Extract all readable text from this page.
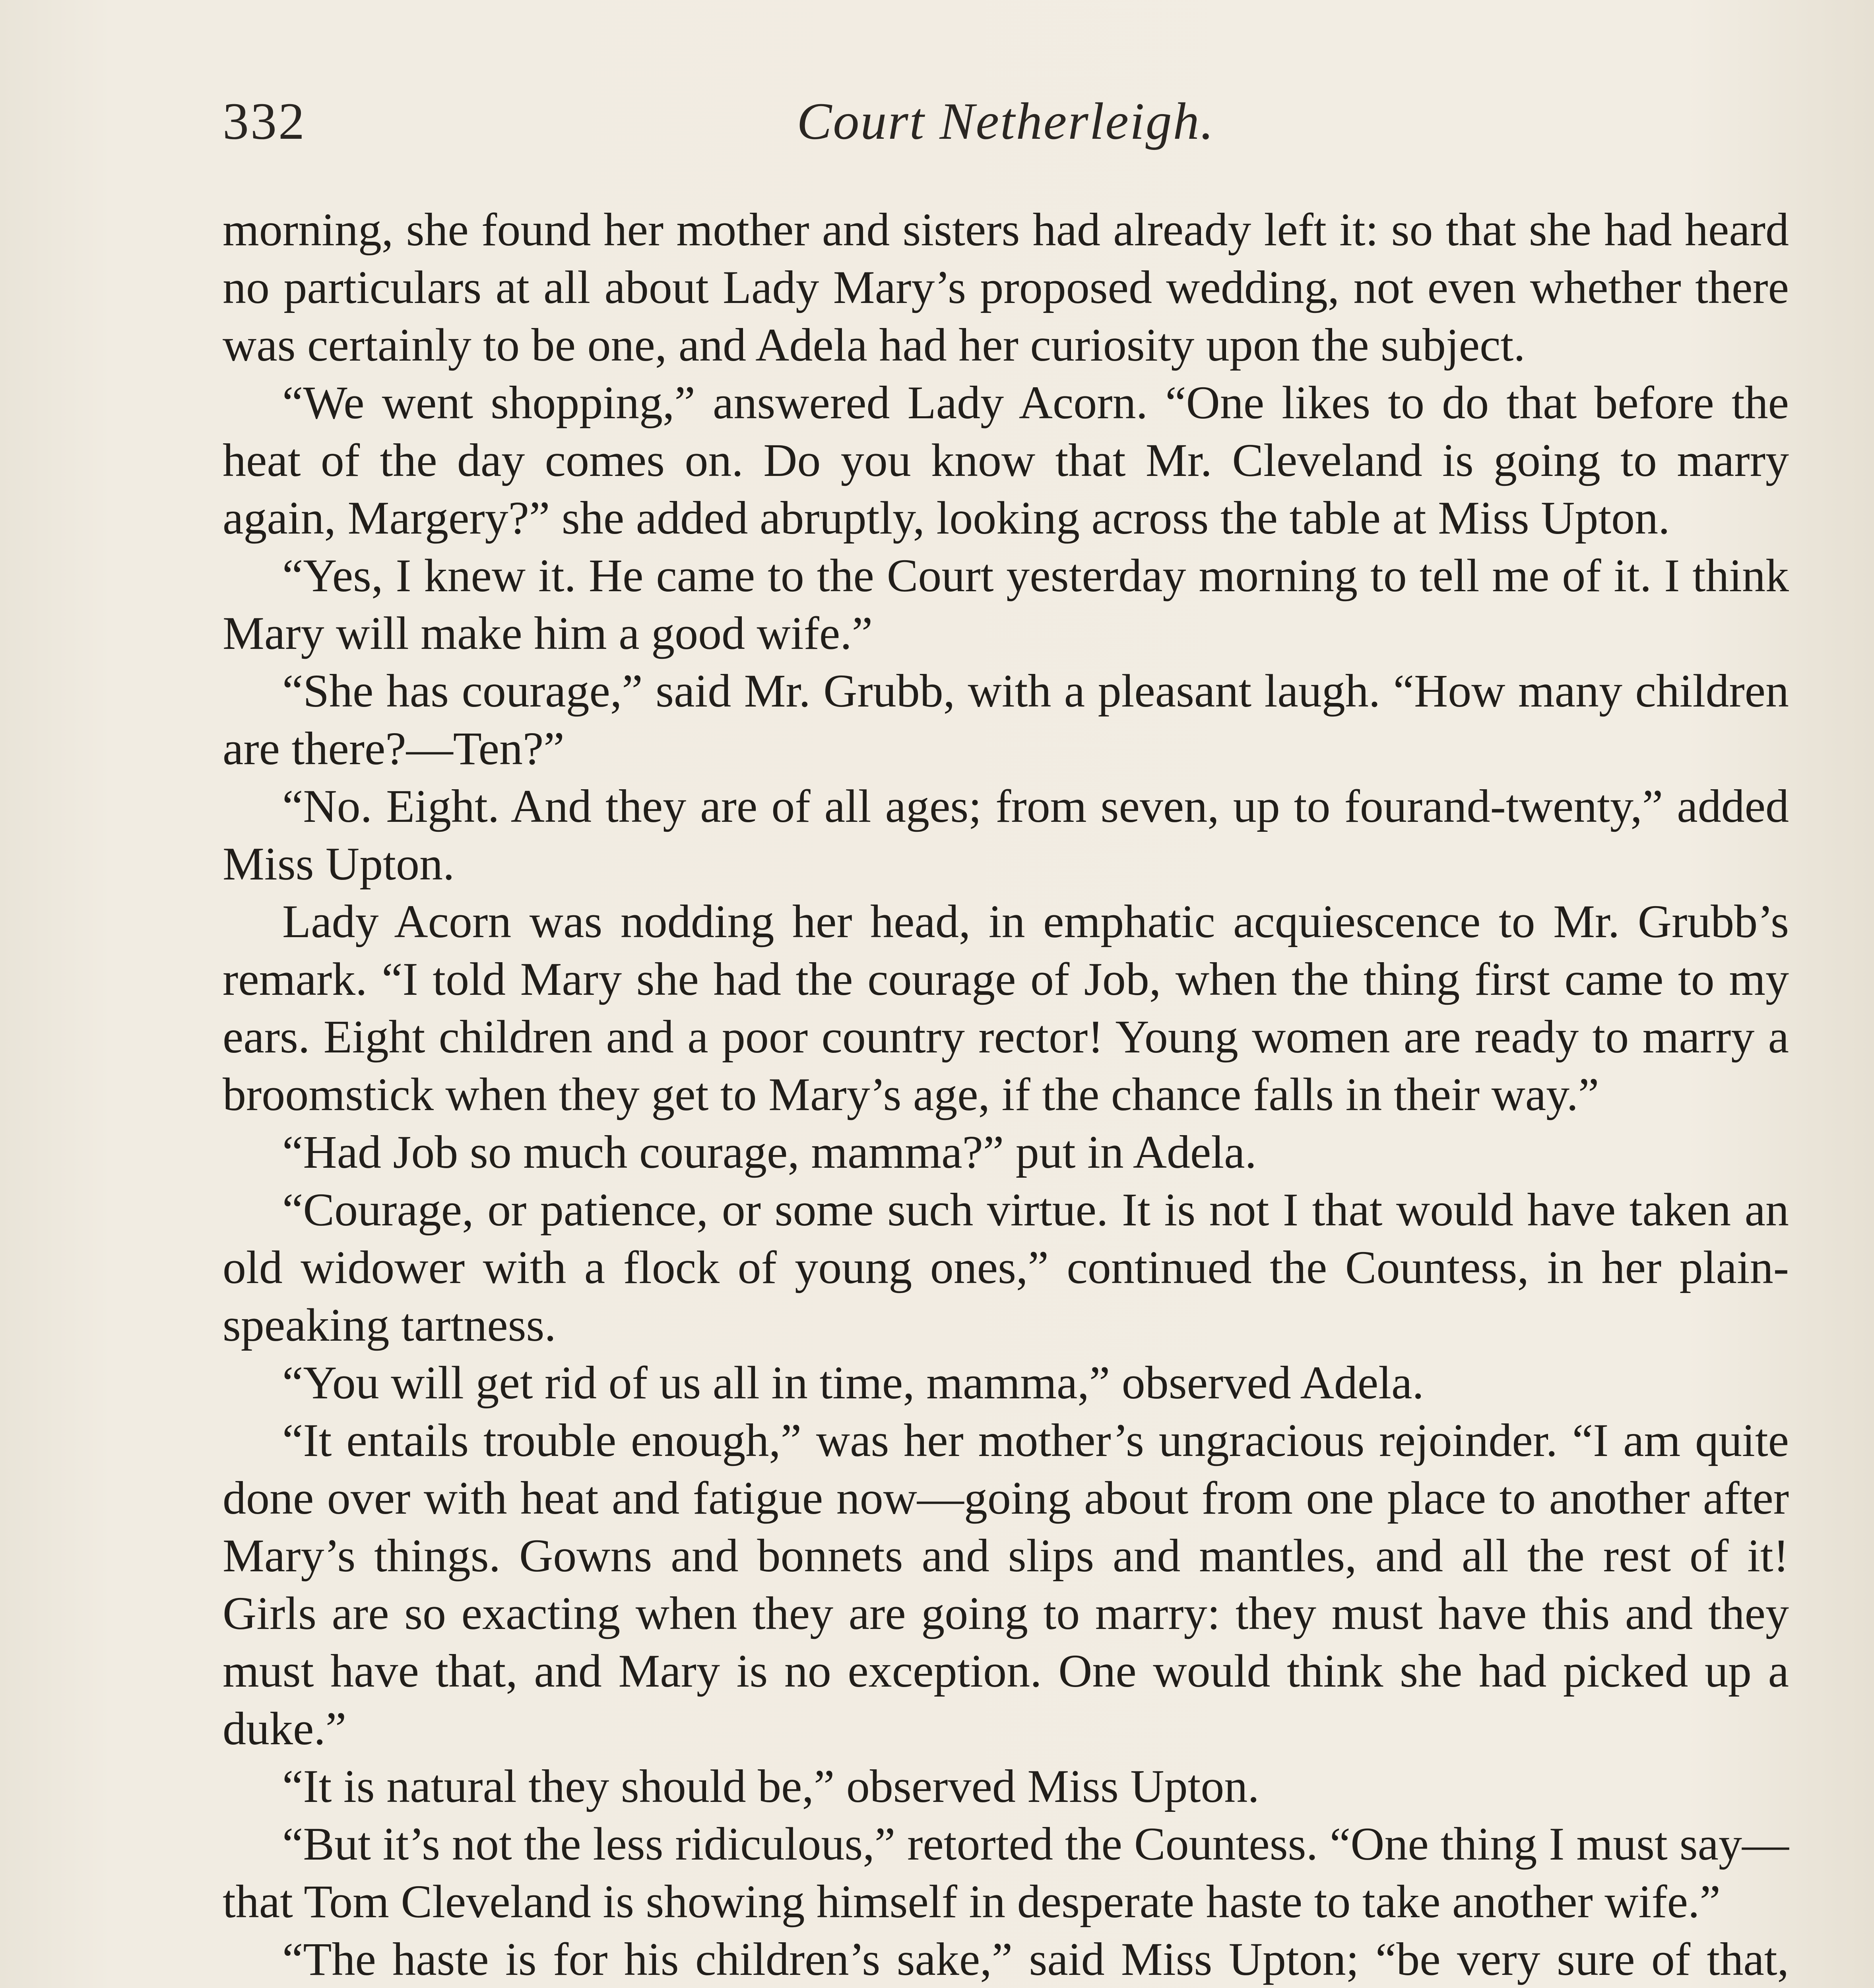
332	Court Netherleigh.

morning, she found her mother and sisters had already left it: so that she had heard no particulars at all about Lady Mary’s proposed wedding, not even whether there was certainly to be one, and Adela had her curiosity upon the subject.

“We went shopping,” answered Lady Acorn. “One likes to do that before the heat of the day comes on. Do you know that Mr. Cleveland is going to marry again, Margery?” she added abruptly, looking across the table at Miss Upton.

“Yes, I knew it. He came to the Court yesterday morning to tell me of it. I think Mary will make him a good wife.”

“She has courage,” said Mr. Grubb, with a pleasant laugh. “How many children are there?—Ten?”

“No. Eight. And they are of all ages; from seven, up to fourand-twenty,” added Miss Upton.

Lady Acorn was nodding her head, in emphatic acquiescence to Mr. Grubb’s remark. “I told Mary she had the courage of Job, when the thing first came to my ears. Eight children and a poor country rector! Young women are ready to marry a broomstick when they get to Mary’s age, if the chance falls in their way.”

“Had Job so much courage, mamma?” put in Adela.

“Courage, or patience, or some such virtue. It is not I that would have taken an old widower with a flock of young ones,” continued the Countess, in her plain-speaking tartness.

“You will get rid of us all in time, mamma,” observed Adela.

“It entails trouble enough,” was her mother’s ungracious rejoinder. “I am quite done over with heat and fatigue now—going about from one place to another after Mary’s things. Gowns and bonnets and slips and mantles, and all the rest of it! Girls are so exacting when they are going to marry: they must have this and they must have that, and Mary is no exception. One would think she had picked up a duke.”

“It is natural they should be,” observed Miss Upton.

“But it’s not the less ridiculous,” retorted the Countess. “One thing I must say—that Tom Cleveland is showing himself in desperate haste to take another wife.”

“The haste is for his children’s sake,” said Miss Upton; “be very sure of that,
